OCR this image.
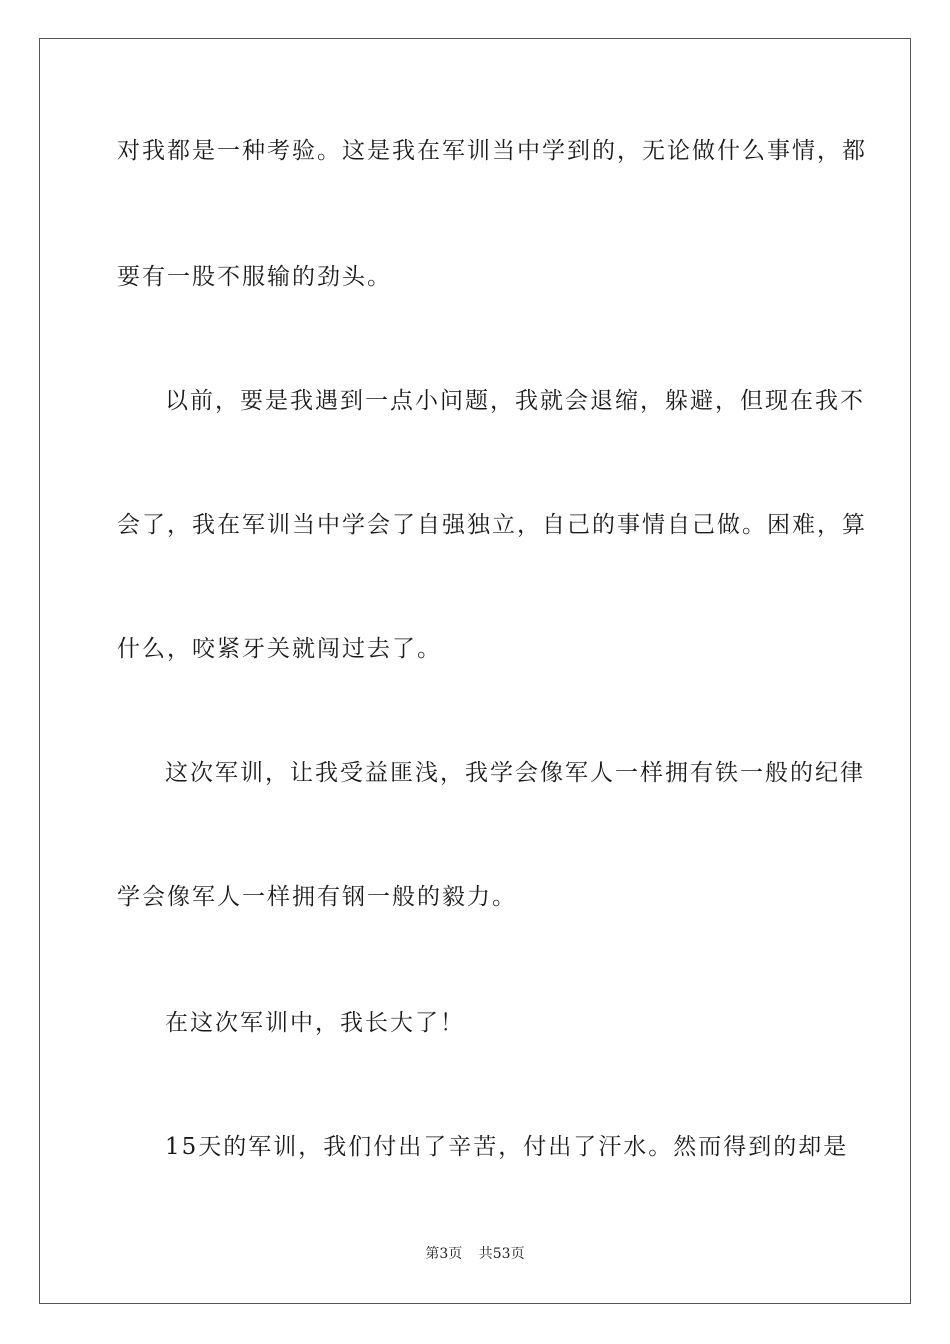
对我都是一种考验。这是我在军训当中学到的，无论做什么事情，都
要有一股不服输的劲头。
以前，要是我遇到一点小问题，我就会退缩，躲避，但现在我不
会了，我在军训当中学会了自强独立，自己的事情自己做。困难，算
什么，咬紧牙关就闯过去了。
这次军训，让我受益匪浅，我学会像军人一样拥有铁一般的纪律
学会像军人一样拥有钢一般的毅力。
在这次军训中，我长大了！
15天的军训，我们付出了辛苦，付出了汗水。然而得到的却是
第3页 共53页
